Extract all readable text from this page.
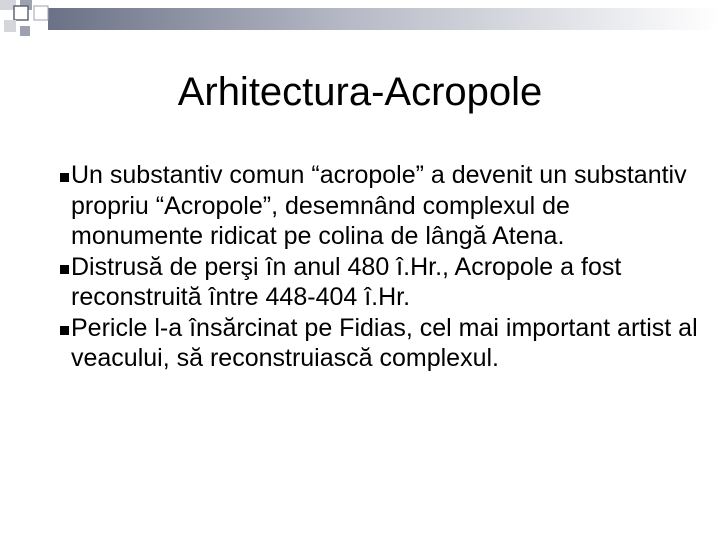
Arhitectura-Acropole
Un substantiv comun “acropole” a devenit un substantiv propriu “Acropole”, desemnând complexul de monumente ridicat pe colina de lângă Atena.
Distrusă de perşi în anul 480 î.Hr., Acropole a fost reconstruită între 448-404 î.Hr.
Pericle l-a însărcinat pe Fidias, cel mai important artist al veacului, să reconstruiască complexul.
